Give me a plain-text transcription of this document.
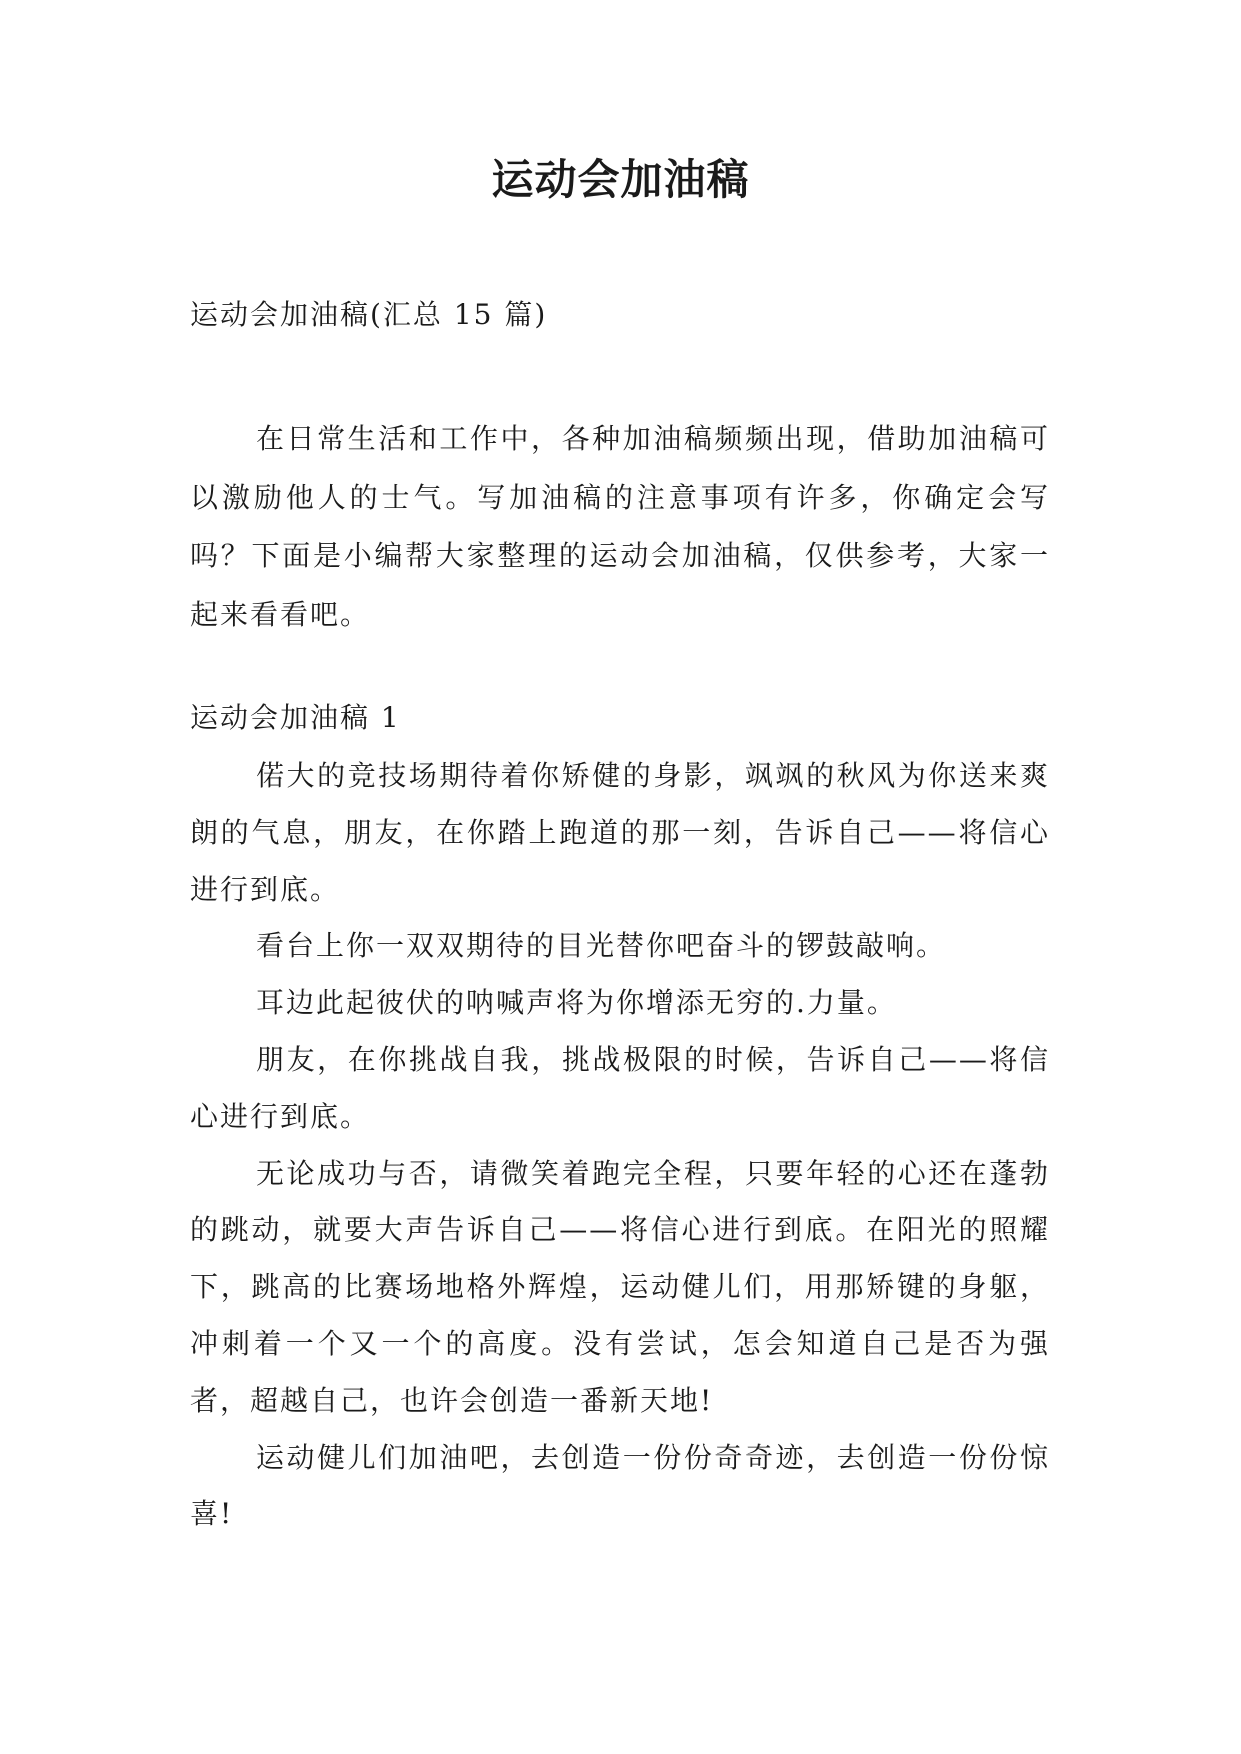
运动会加油稿

运动会加油稿(汇总 15 篇)

在日常生活和工作中，各种加油稿频频出现，借助加油稿可以激励他人的士气。写加油稿的注意事项有许多，你确定会写吗？下面是小编帮大家整理的运动会加油稿，仅供参考，大家一起来看看吧。

运动会加油稿 1

偌大的竞技场期待着你矫健的身影，飒飒的秋风为你送来爽朗的气息，朋友，在你踏上跑道的那一刻，告诉自己——将信心进行到底。

看台上你一双双期待的目光替你吧奋斗的锣鼓敲响。

耳边此起彼伏的呐喊声将为你增添无穷的.力量。

朋友，在你挑战自我，挑战极限的时候，告诉自己——将信心进行到底。

无论成功与否，请微笑着跑完全程，只要年轻的心还在蓬勃的跳动，就要大声告诉自己——将信心进行到底。在阳光的照耀下，跳高的比赛场地格外辉煌，运动健儿们，用那矫键的身躯，冲刺着一个又一个的高度。没有尝试，怎会知道自己是否为强者，超越自己，也许会创造一番新天地!

运动健儿们加油吧，去创造一份份奇奇迹，去创造一份份惊喜!
